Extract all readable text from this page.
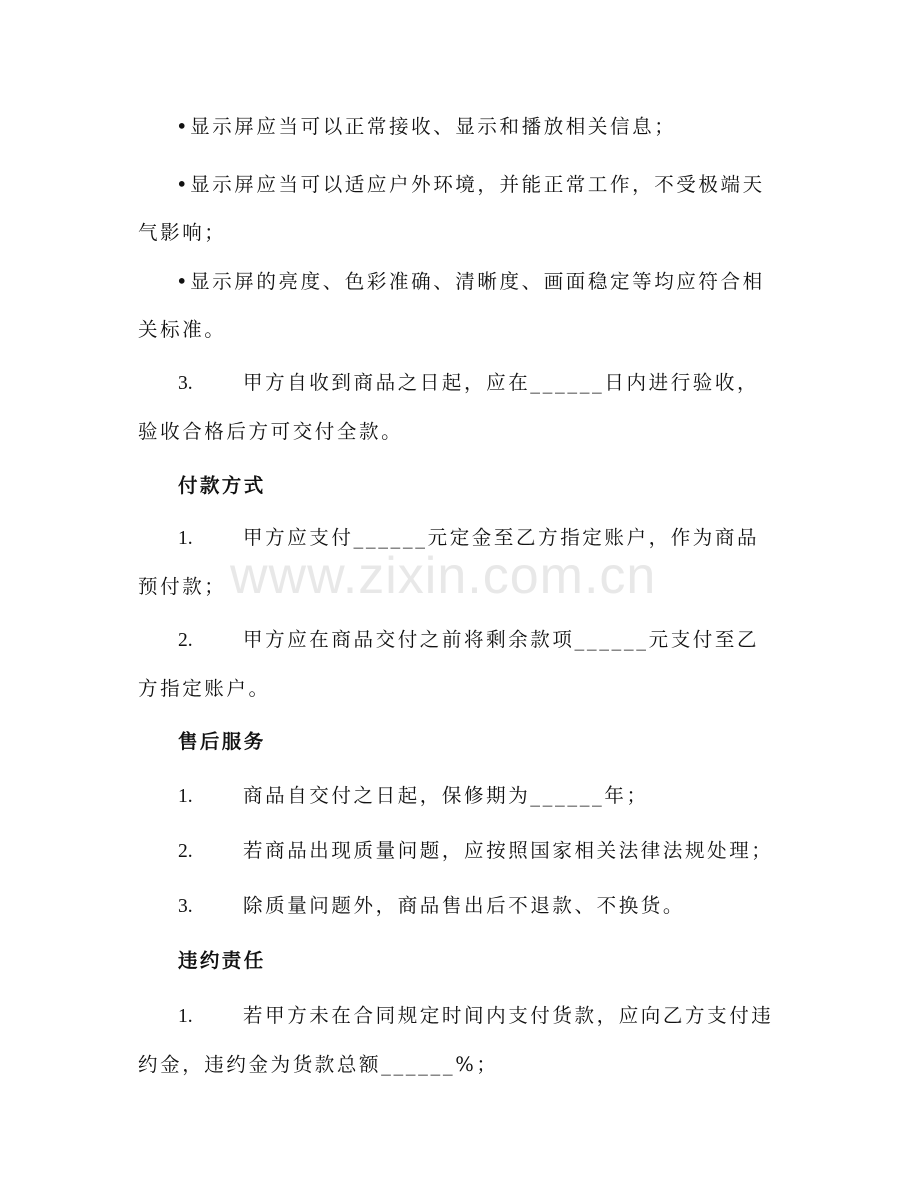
•显示屏应当可以正常接收、显示和播放相关信息；

•显示屏应当可以适应户外环境，并能正常工作，不受极端天气影响；

•显示屏的亮度、色彩准确、清晰度、画面稳定等均应符合相关标准。

3.	甲方自收到商品之日起，应在______日内进行验收，验收合格后方可交付全款。

付款方式

1.	甲方应支付______元定金至乙方指定账户，作为商品预付款；

2.	甲方应在商品交付之前将剩余款项______元支付至乙方指定账户。

售后服务

1.	商品自交付之日起，保修期为______年；

2.	若商品出现质量问题，应按照国家相关法律法规处理；

3.	除质量问题外，商品售出后不退款、不换货。

违约责任

1.	若甲方未在合同规定时间内支付货款，应向乙方支付违约金，违约金为货款总额______%；

www.zixin.com.cn
